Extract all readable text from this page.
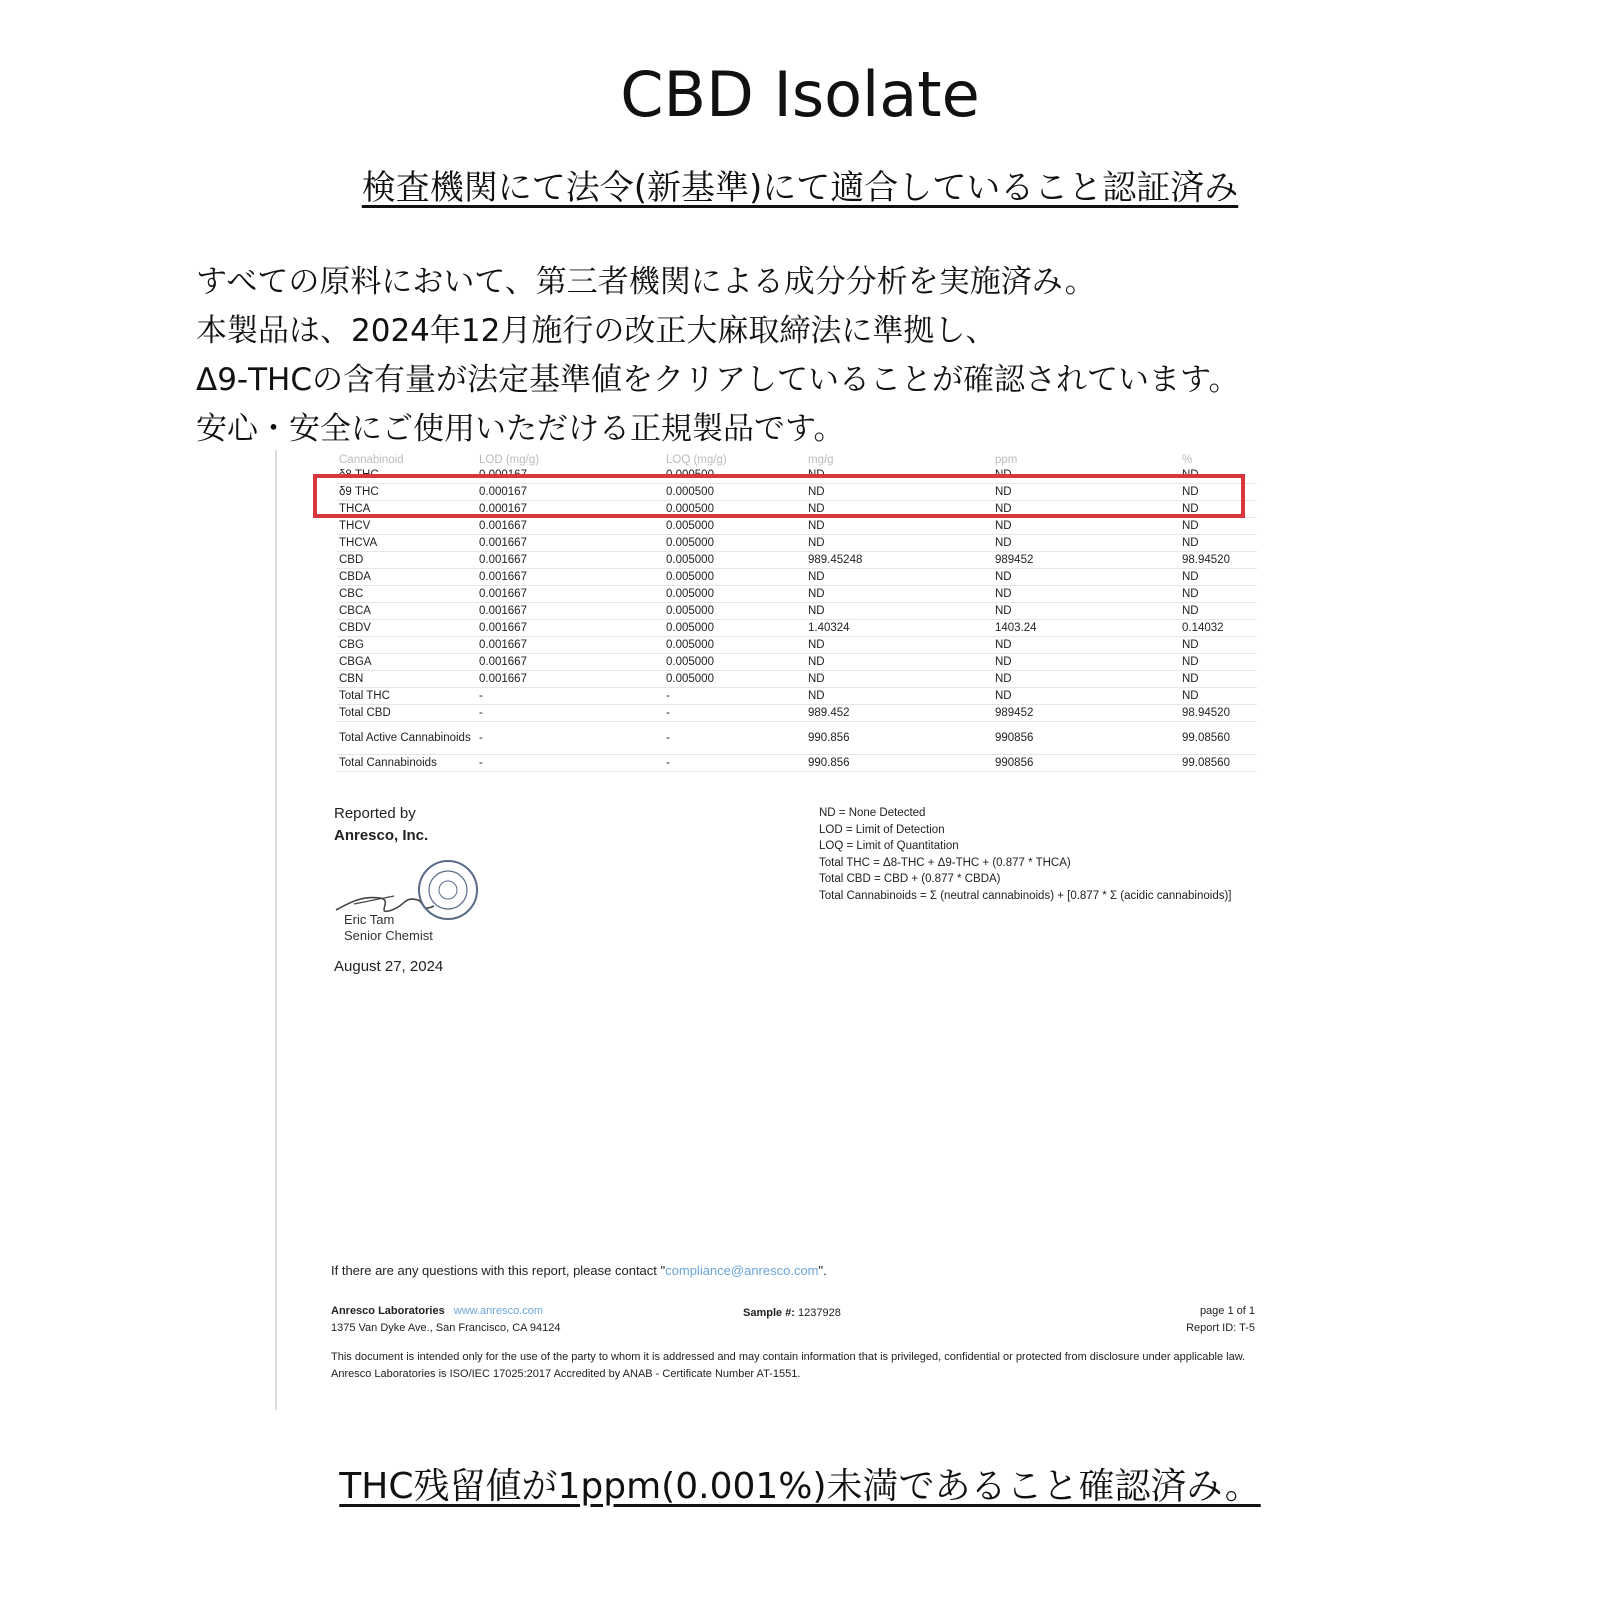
CBD Isolate
検査機関にて法令(新基準)にて適合していること認証済み
すべての原料において、第三者機関による成分分析を実施済み。
本製品は、2024年12月施行の改正大麻取締法に準拠し、
Δ9-THCの含有量が法定基準値をクリアしていることが確認されています。
安心・安全にご使用いただける正規製品です。
Cannabinoid	LOD (mg/g)	LOQ (mg/g)	mg/g	ppm	%
δ8 THC	0.000167	0.000500	ND	ND	ND
δ9 THC	0.000167	0.000500	ND	ND	ND
THCA	0.000167	0.000500	ND	ND	ND
THCV	0.001667	0.005000	ND	ND	ND
THCVA	0.001667	0.005000	ND	ND	ND
CBD	0.001667	0.005000	989.45248	989452	98.94520
CBDA	0.001667	0.005000	ND	ND	ND
CBC	0.001667	0.005000	ND	ND	ND
CBCA	0.001667	0.005000	ND	ND	ND
CBDV	0.001667	0.005000	1.40324	1403.24	0.14032
CBG	0.001667	0.005000	ND	ND	ND
CBGA	0.001667	0.005000	ND	ND	ND
CBN	0.001667	0.005000	ND	ND	ND
Total THC	-	-	ND	ND	ND
Total CBD	-	-	989.452	989452	98.94520
Total Active Cannabinoids	-	-	990.856	990856	99.08560
Total Cannabinoids	-	-	990.856	990856	99.08560
Reported by
Anresco, Inc.
Eric Tam
Senior Chemist
August 27, 2024
ND = None Detected
LOD = Limit of Detection
LOQ = Limit of Quantitation
Total THC = Δ8-THC + Δ9-THC + (0.877 * THCA)
Total CBD = CBD + (0.877 * CBDA)
Total Cannabinoids = Σ (neutral cannabinoids) + [0.877 * Σ (acidic cannabinoids)]
If there are any questions with this report, please contact "compliance@anresco.com".
Anresco Laboratories www.anresco.com
1375 Van Dyke Ave., San Francisco, CA 94124
Sample #: 1237928	page 1 of 1
Report ID: T-5
This document is intended only for the use of the party to whom it is addressed and may contain information that is privileged, confidential or protected from disclosure under applicable law. Anresco Laboratories is ISO/IEC 17025:2017 Accredited by ANAB - Certificate Number AT-1551.
THC残留値が1ppm(0.001%)未満であること確認済み。
